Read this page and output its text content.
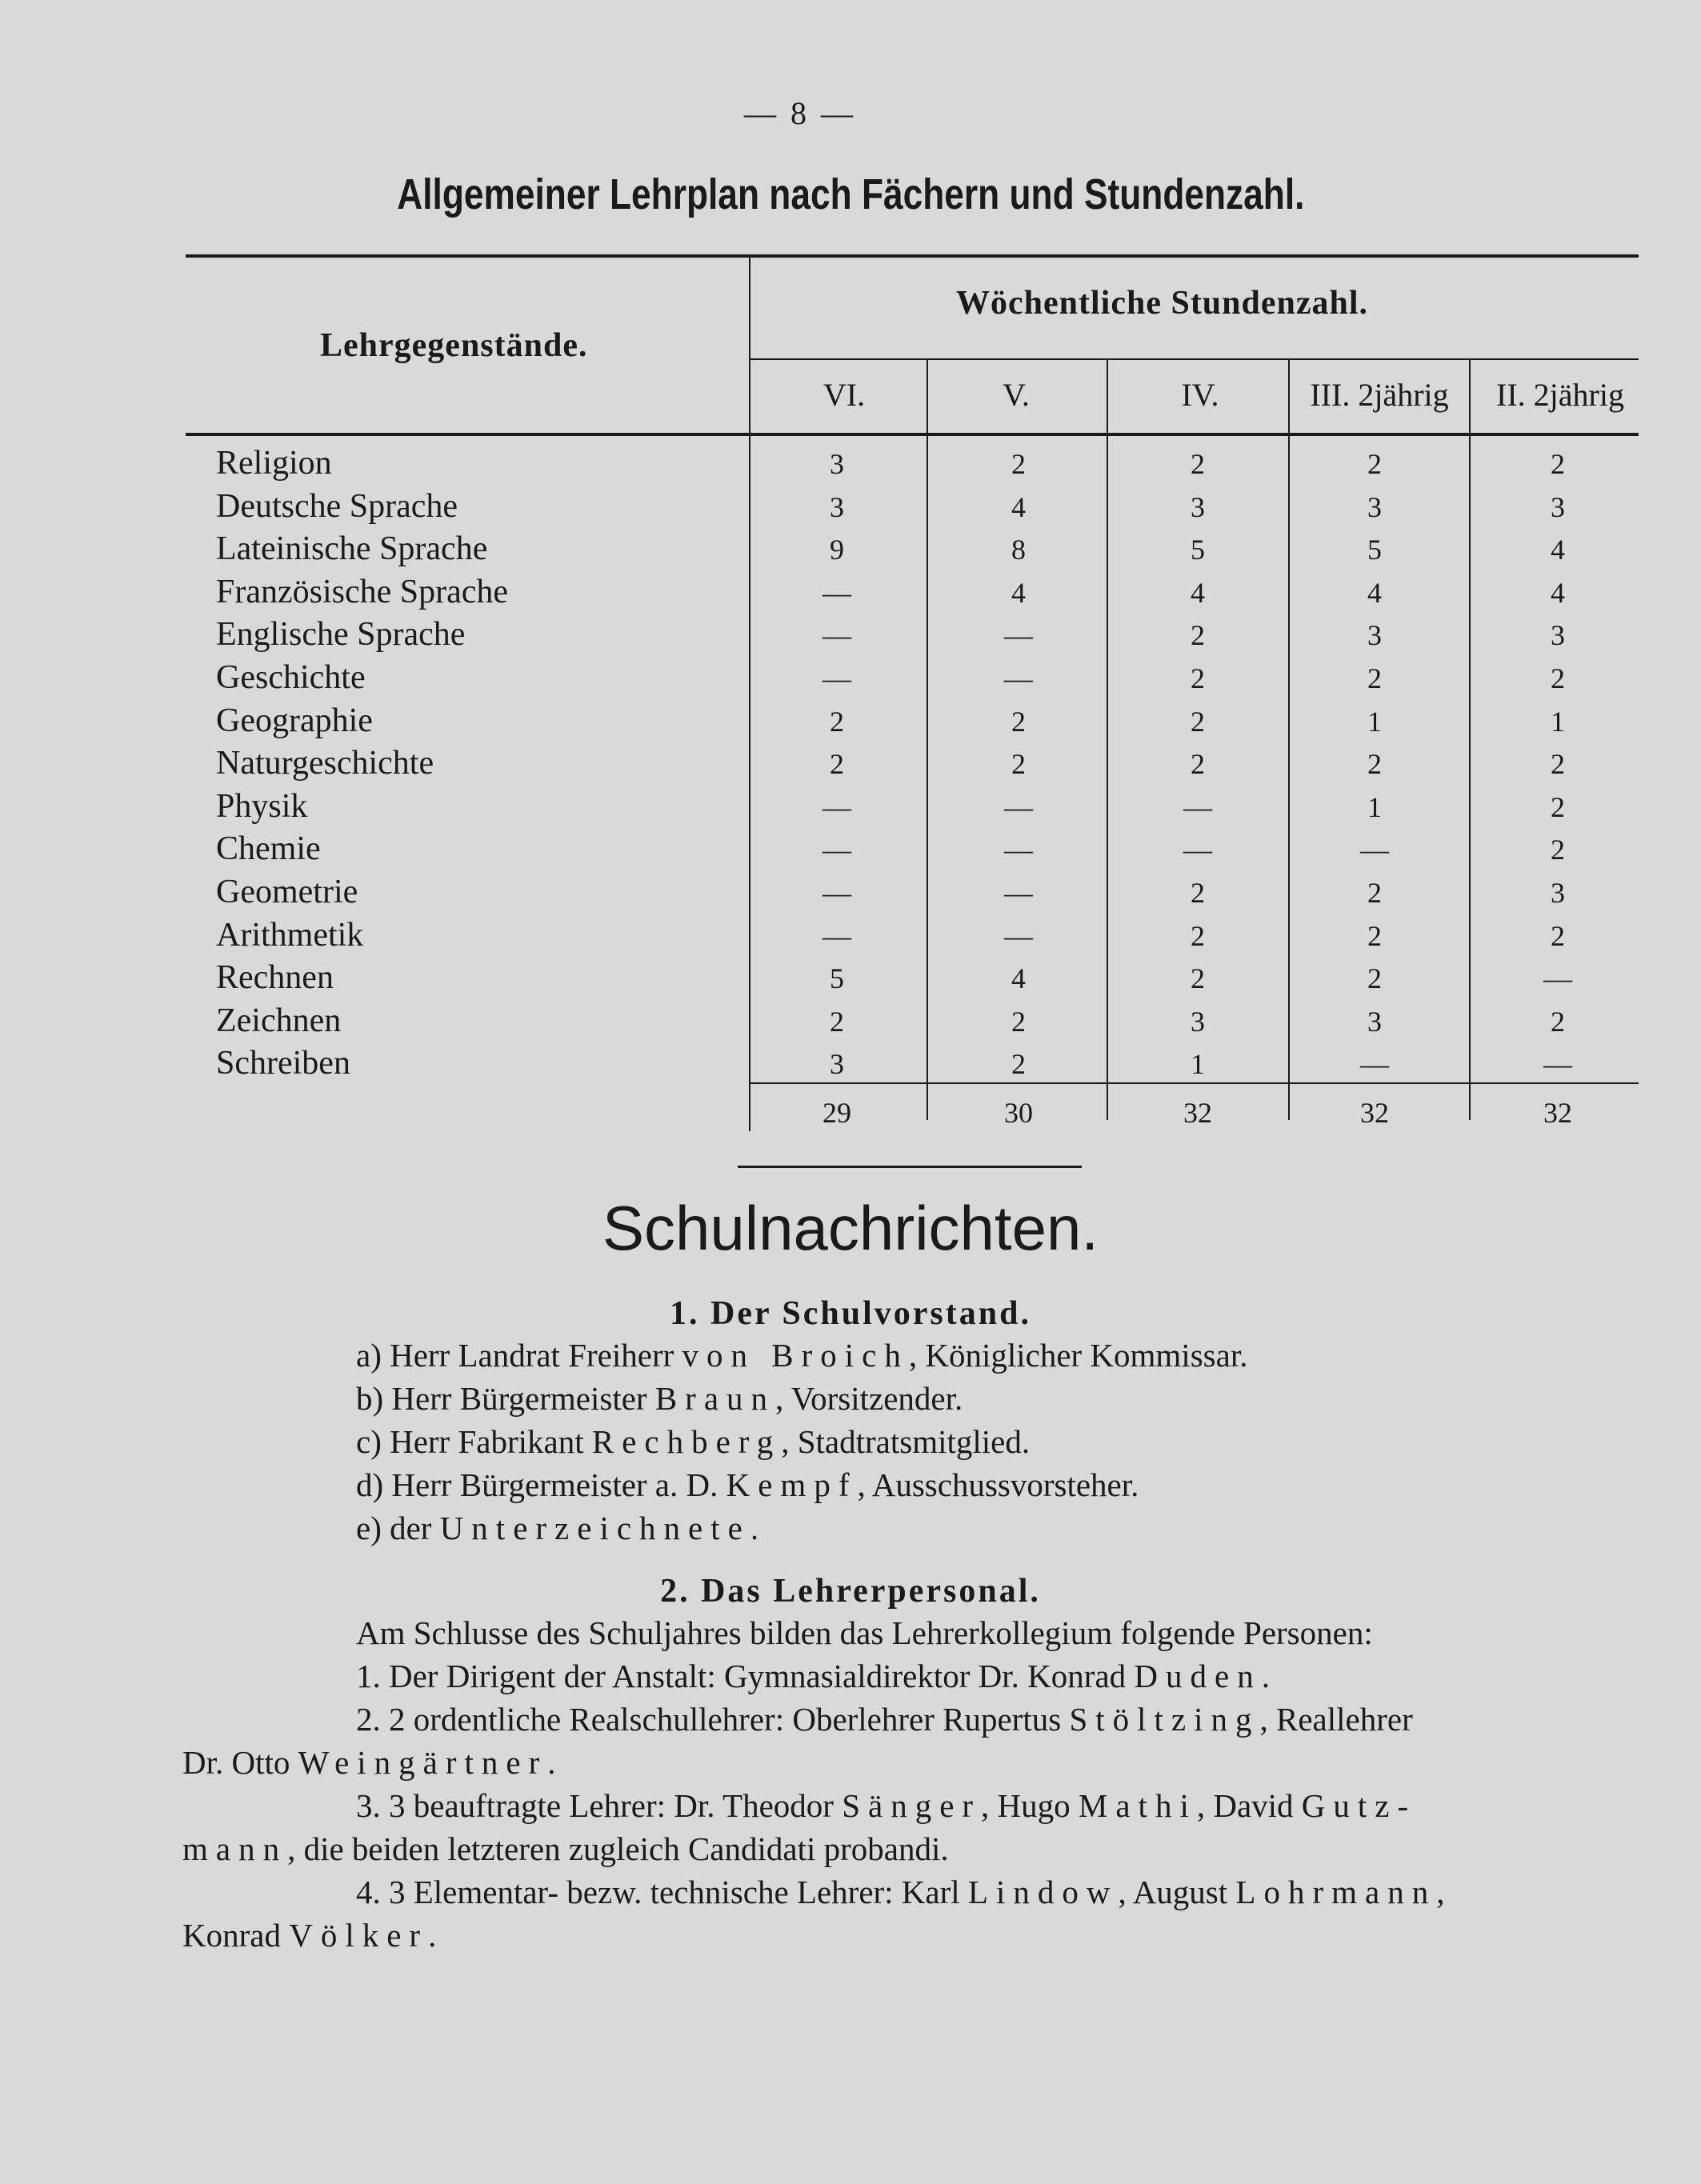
— 8 —
Allgemeiner Lehrplan nach Fächern und Stundenzahl.
Lehrgegenstände.
Wöchentliche Stundenzahl.
VI.	V.	IV.	III. 2jährig	II. 2jährig
Religion	3	2	2	2	2
Deutsche Sprache	3	4	3	3	3
Lateinische Sprache	9	8	5	5	4
Französische Sprache	—	4	4	4	4
Englische Sprache	—	—	2	3	3
Geschichte	—	—	2	2	2
Geographie	2	2	2	1	1
Naturgeschichte	2	2	2	2	2
Physik	—	—	—	1	2
Chemie	—	—	—	—	2
Geometrie	—	—	2	2	3
Arithmetik	—	—	2	2	2
Rechnen	5	4	2	2	—
Zeichnen	2	2	3	3	2
Schreiben	3	2	1	—	—
29	30	32	32	32
Schulnachrichten.
1. Der Schulvorstand.
a) Herr Landrat Freiherr von Broich, Königlicher Kommissar.
b) Herr Bürgermeister Braun, Vorsitzender.
c) Herr Fabrikant Rechberg, Stadtratsmitglied.
d) Herr Bürgermeister a. D. Kempf, Ausschussvorsteher.
e) der Unterzeichnete.
2. Das Lehrerpersonal.
Am Schlusse des Schuljahres bilden das Lehrerkollegium folgende Personen:
1. Der Dirigent der Anstalt: Gymnasialdirektor Dr. Konrad Duden.
2. 2 ordentliche Realschullehrer: Oberlehrer Rupertus Stöltzing, Reallehrer
Dr. Otto Weingärtner.
3. 3 beauftragte Lehrer: Dr. Theodor Sänger, Hugo Mathi, David Gutz-
mann, die beiden letzteren zugleich Candidati probandi.
4. 3 Elementar- bezw. technische Lehrer: Karl Lindow, August Lohrmann,
Konrad Völker.
